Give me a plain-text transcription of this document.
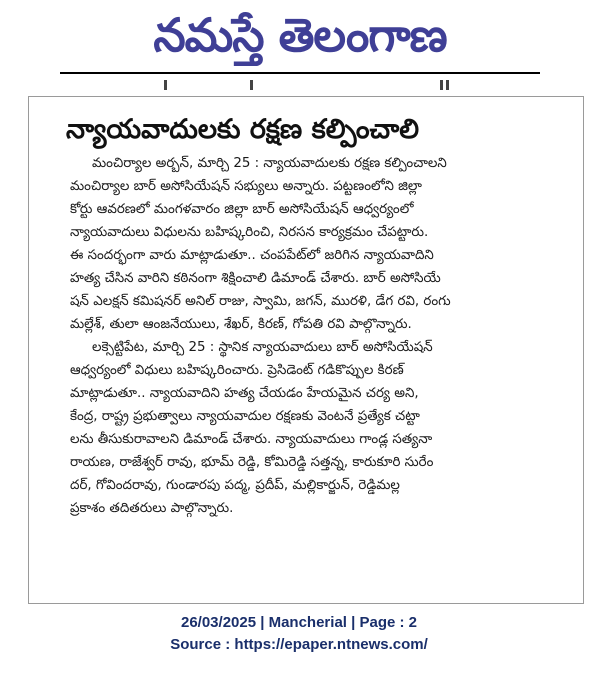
నమస్తే తెలంగాణ
న్యాయవాదులకు రక్షణ కల్పించాలి
మంచిర్యాల అర్బన్, మార్చి 25 : న్యాయవాదులకు రక్షణ కల్పించాలని
మంచిర్యాల బార్ అసోసియేషన్ సభ్యులు అన్నారు. పట్టణంలోని జిల్లా
కోర్టు ఆవరణలో మంగళవారం జిల్లా బార్ అసోసియేషన్ ఆధ్వర్యంలో
న్యాయవాదులు విధులను బహిష్కరించి, నిరసన కార్యక్రమం చేపట్టారు.
ఈ సందర్భంగా వారు మాట్లాడుతూ.. చంపపేట్‌లో జరిగిన న్యాయవాదిని
హత్య చేసిన వారిని కఠినంగా శిక్షించాలి డిమాండ్ చేశారు. బార్ అసోసియే
షన్ ఎలక్షన్ కమిషనర్ అనిల్ రాజు, స్వామి, జగన్, మురళి, డేగ రవి, రంగు
మల్లేశ్, తులా ఆంజనేయులు, శేఖర్, కిరణ్, గోపతి రవి పాల్గొన్నారు.
లక్సెట్టిపేట, మార్చి 25 : స్థానిక న్యాయవాదులు బార్ అసోసియేషన్
ఆధ్వర్యంలో విధులు బహిష్కరించారు. ప్రెసిడెంట్ గడికొప్పుల కిరణ్
మాట్లాడుతూ.. న్యాయవాదిని హత్య చేయడం హేయమైన చర్య అని,
కేంద్ర, రాష్ట్ర ప్రభుత్వాలు న్యాయవాదుల రక్షణకు వెంటనే ప్రత్యేక చట్టా
లను తీసుకురావాలని డిమాండ్ చేశారు. న్యాయవాదులు గాండ్ల సత్యనా
రాయణ, రాజేశ్వర్ రావు, భూమ్ రెడ్డి, కోమిరెడ్డి సత్తన్న, కారుకూరి సురేం
దర్, గోవిందరావు, గుండారపు పద్మ, ప్రదీప్, మల్లికార్జున్, రెడ్డిమల్ల
ప్రకాశం తదితరులు పాల్గొన్నారు.
26/03/2025 | Mancherial | Page : 2
Source : https://epaper.ntnews.com/
